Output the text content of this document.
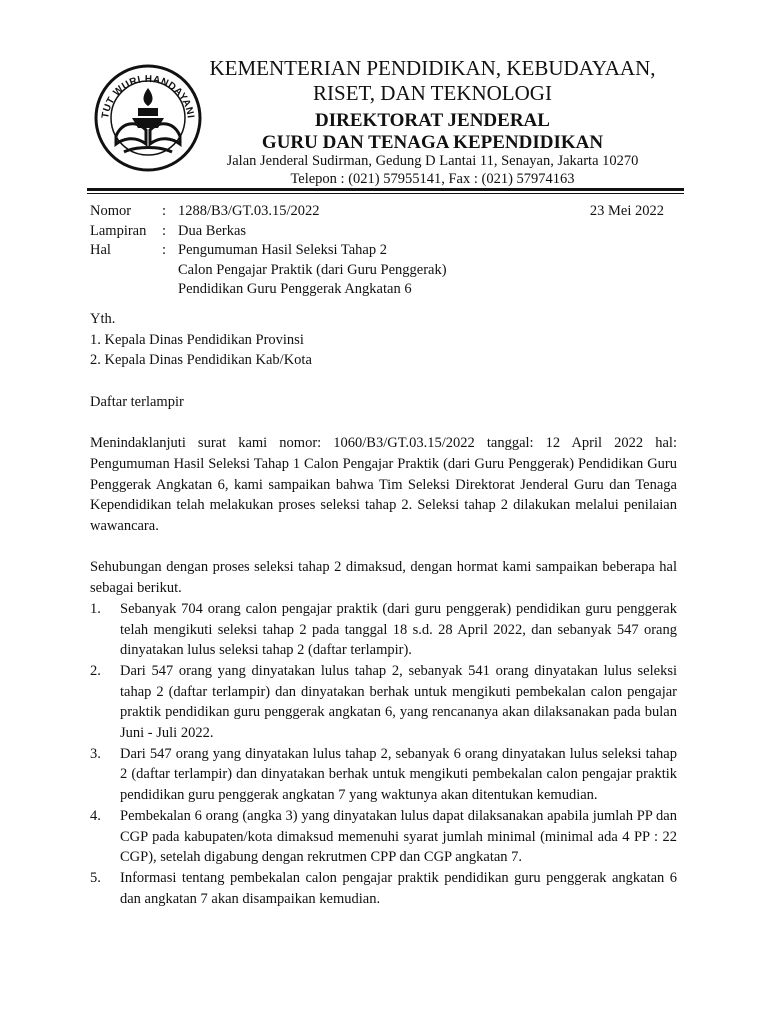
TUT WURI HANDAYANI
KEMENTERIAN PENDIDIKAN, KEBUDAYAAN,
RISET, DAN TEKNOLOGI
DIREKTORAT JENDERAL
GURU DAN TENAGA KEPENDIDIKAN
Jalan Jenderal Sudirman, Gedung D Lantai 11, Senayan, Jakarta 10270
Telepon : (021) 57955141, Fax : (021) 57974163
Nomor	: 1288/B3/GT.03.15/2022	23 Mei 2022
Lampiran	: Dua Berkas
Hal	: Pengumuman Hasil Seleksi Tahap 2
Calon Pengajar Praktik (dari Guru Penggerak)
Pendidikan Guru Penggerak Angkatan 6

Yth.

1. Kepala Dinas Pendidikan Provinsi

2. Kepala Dinas Pendidikan Kab/Kota

Daftar terlampir

Menindaklanjuti surat kami nomor: 1060/B3/GT.03.15/2022 tanggal: 12 April 2022 hal: Pengumuman Hasil Seleksi Tahap 1 Calon Pengajar Praktik (dari Guru Penggerak) Pendidikan Guru Penggerak Angkatan 6, kami sampaikan bahwa Tim Seleksi Direktorat Jenderal Guru dan Tenaga Kependidikan telah melakukan proses seleksi tahap 2. Seleksi tahap 2 dilakukan melalui penilaian wawancara.

Sehubungan dengan proses seleksi tahap 2 dimaksud, dengan hormat kami sampaikan beberapa hal sebagai berikut.

1.	Sebanyak 704 orang calon pengajar praktik (dari guru penggerak) pendidikan guru penggerak telah mengikuti seleksi tahap 2 pada tanggal 18 s.d. 28 April 2022, dan sebanyak 547 orang dinyatakan lulus seleksi tahap 2 (daftar terlampir).
2.	Dari 547 orang yang dinyatakan lulus tahap 2, sebanyak 541 orang dinyatakan lulus seleksi tahap 2 (daftar terlampir) dan dinyatakan berhak untuk mengikuti pembekalan calon pengajar praktik pendidikan guru penggerak angkatan 6, yang rencananya akan dilaksanakan pada bulan Juni - Juli 2022.
3.	Dari 547 orang yang dinyatakan lulus tahap 2, sebanyak 6 orang dinyatakan lulus seleksi tahap 2 (daftar terlampir) dan dinyatakan berhak untuk mengikuti pembekalan calon pengajar praktik pendidikan guru penggerak angkatan 7 yang waktunya akan ditentukan kemudian.
4.	Pembekalan 6 orang (angka 3) yang dinyatakan lulus dapat dilaksanakan apabila jumlah PP dan CGP pada kabupaten/kota dimaksud memenuhi syarat jumlah minimal (minimal ada 4 PP : 22 CGP), setelah digabung dengan rekrutmen CPP dan CGP angkatan 7.
5.	Informasi tentang pembekalan calon pengajar praktik pendidikan guru penggerak angkatan 6 dan angkatan 7 akan disampaikan kemudian.
